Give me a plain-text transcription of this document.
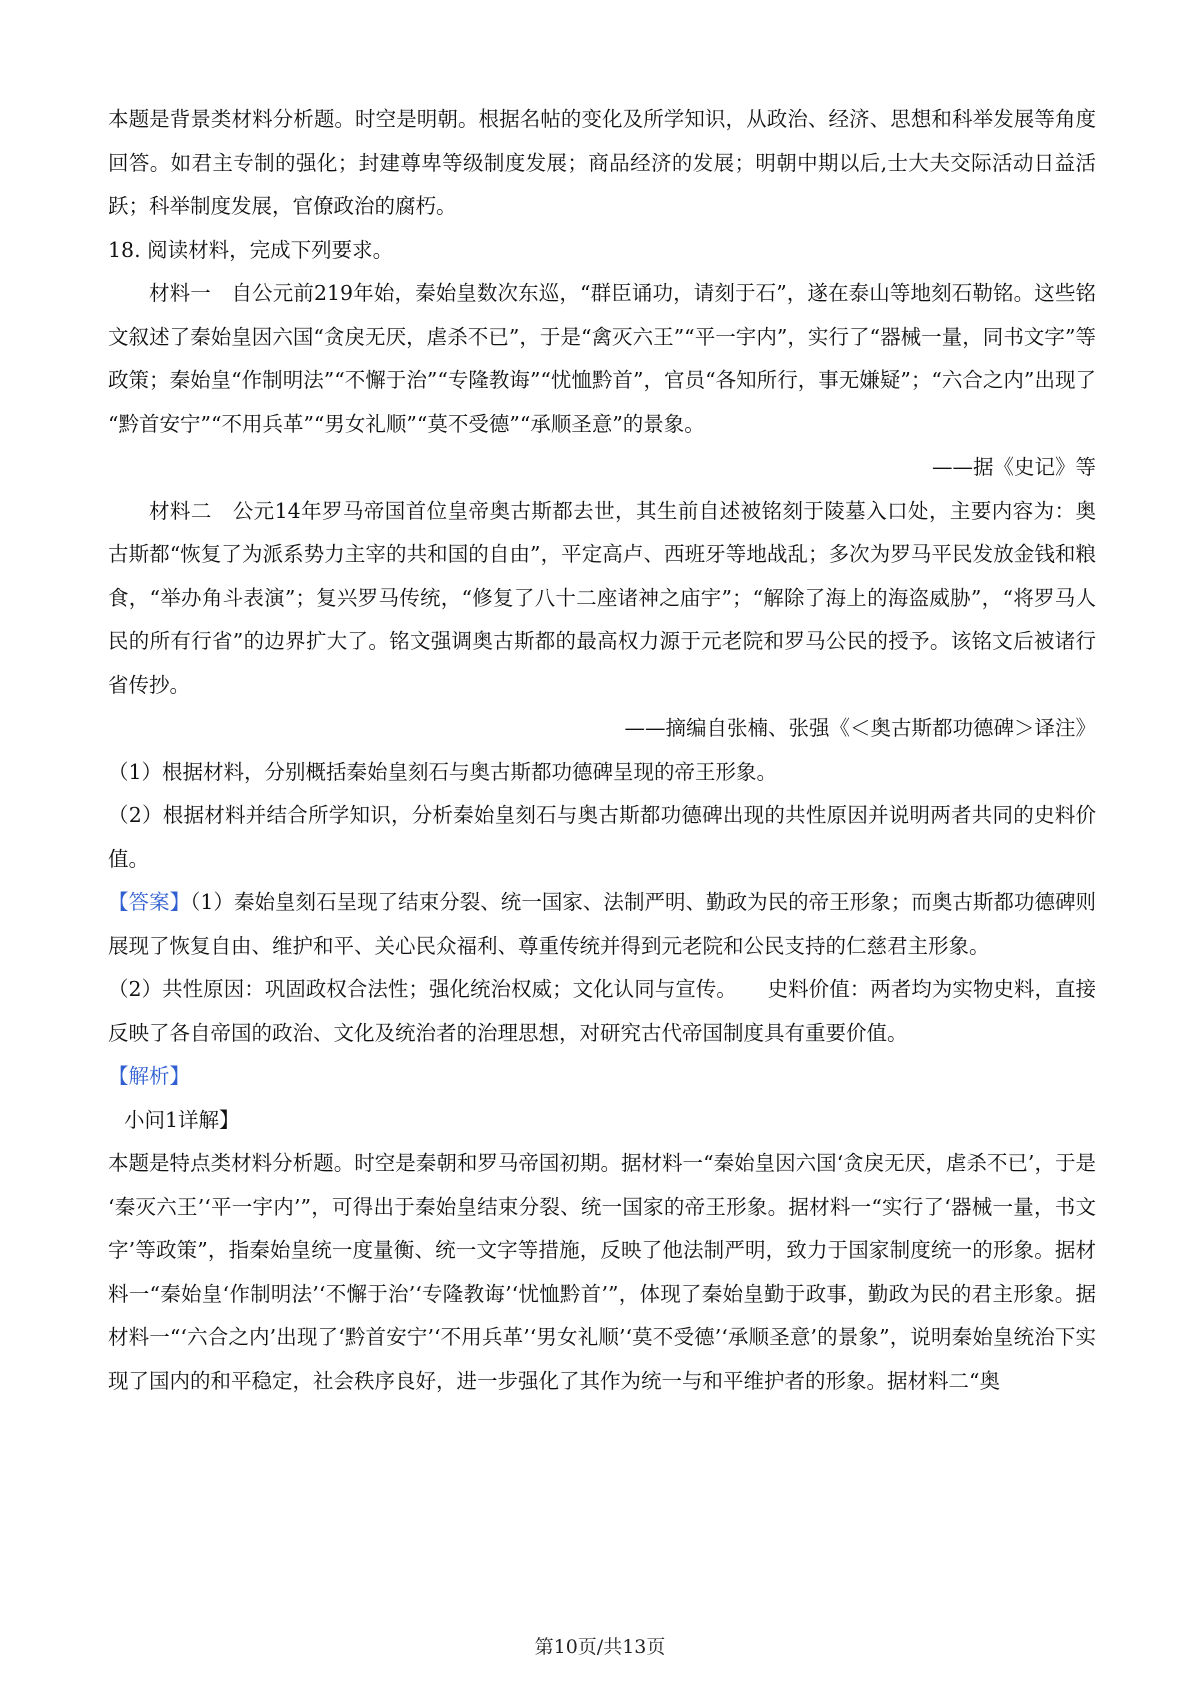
本题是背景类材料分析题。时空是明朝。根据名帖的变化及所学知识，从政治、经济、思想和科举发展等角度回答。如君主专制的强化；封建尊卑等级制度发展；商品经济的发展；明朝中期以后,士大夫交际活动日益活跃；科举制度发展，官僚政治的腐朽。

18. 阅读材料，完成下列要求。

材料一　自公元前219年始，秦始皇数次东巡，“群臣诵功，请刻于石”，遂在泰山等地刻石勒铭。这些铭文叙述了秦始皇因六国“贪戾无厌，虐杀不已”，于是“禽灭六王”“平一宇内”，实行了“器械一量，同书文字”等政策；秦始皇“作制明法”“不懈于治”“专隆教诲”“忧恤黔首”，官员“各知所行，事无嫌疑”；“六合之内”出现了“黔首安宁”“不用兵革”“男女礼顺”“莫不受德”“承顺圣意”的景象。

——据《史记》等

材料二　公元14年罗马帝国首位皇帝奥古斯都去世，其生前自述被铭刻于陵墓入口处，主要内容为：奥古斯都“恢复了为派系势力主宰的共和国的自由”，平定高卢、西班牙等地战乱；多次为罗马平民发放金钱和粮食，“举办角斗表演”；复兴罗马传统，“修复了八十二座诸神之庙宇”；“解除了海上的海盗威胁”，“将罗马人民的所有行省”的边界扩大了。铭文强调奥古斯都的最高权力源于元老院和罗马公民的授予。该铭文后被诸行省传抄。

——摘编自张楠、张强《＜奥古斯都功德碑＞译注》

（1）根据材料，分别概括秦始皇刻石与奥古斯都功德碑呈现的帝王形象。

（2）根据材料并结合所学知识，分析秦始皇刻石与奥古斯都功德碑出现的共性原因并说明两者共同的史料价值。

【答案】（1）秦始皇刻石呈现了结束分裂、统一国家、法制严明、勤政为民的帝王形象；而奥古斯都功德碑则展现了恢复自由、维护和平、关心民众福利、尊重传统并得到元老院和公民支持的仁慈君主形象。

（2）共性原因：巩固政权合法性；强化统治权威；文化认同与宣传。　　史料价值：两者均为实物史料，直接反映了各自帝国的政治、文化及统治者的治理思想，对研究古代帝国制度具有重要价值。

【解析】

小问1详解】

本题是特点类材料分析题。时空是秦朝和罗马帝国初期。据材料一“秦始皇因六国‘贪戾无厌，虐杀不已’，于是‘秦灭六王’‘平一宇内’”，可得出于秦始皇结束分裂、统一国家的帝王形象。据材料一“实行了‘器械一量，书文字’等政策”，指秦始皇统一度量衡、统一文字等措施，反映了他法制严明，致力于国家制度统一的形象。据材料一“秦始皇‘作制明法’‘不懈于治’‘专隆教诲’‘忧恤黔首’”，体现了秦始皇勤于政事，勤政为民的君主形象。据材料一“‘六合之内’出现了‘黔首安宁’‘不用兵革’‘男女礼顺’‘莫不受德’‘承顺圣意’的景象”，说明秦始皇统治下实现了国内的和平稳定，社会秩序良好，进一步强化了其作为统一与和平维护者的形象。据材料二“奥

第10页/共13页
